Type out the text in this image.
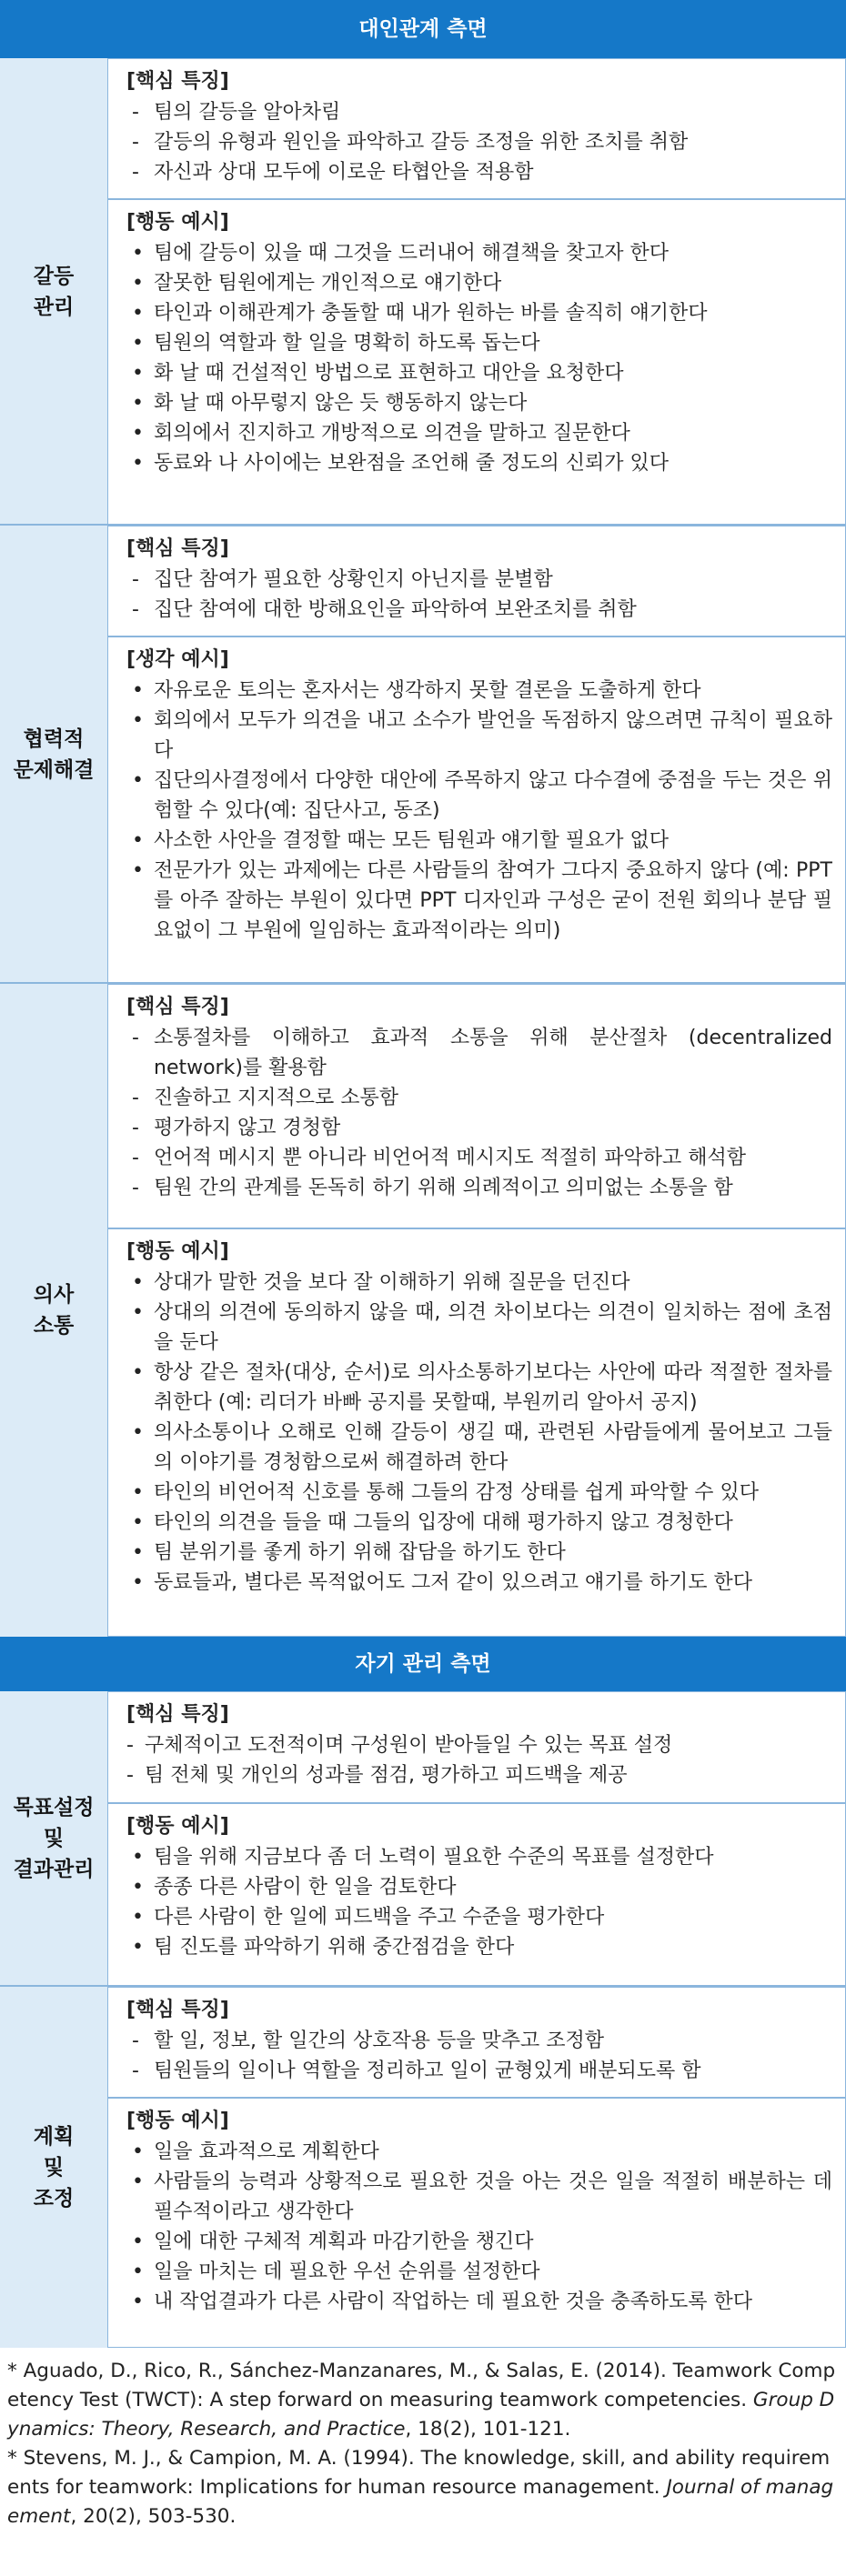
대인관계 측면
갈등
관리
[핵심 특징]
- 팀의 갈등을 알아차림
- 갈등의 유형과 원인을 파악하고 갈등 조정을 위한 조치를 취함
- 자신과 상대 모두에 이로운 타협안을 적용함
[행동 예시]
• 팀에 갈등이 있을 때 그것을 드러내어 해결책을 찾고자 한다
• 잘못한 팀원에게는 개인적으로 얘기한다
• 타인과 이해관계가 충돌할 때 내가 원하는 바를 솔직히 얘기한다
• 팀원의 역할과 할 일을 명확히 하도록 돕는다
• 화 날 때 건설적인 방법으로 표현하고 대안을 요청한다
• 화 날 때 아무렇지 않은 듯 행동하지 않는다
• 회의에서 진지하고 개방적으로 의견을 말하고 질문한다
• 동료와 나 사이에는 보완점을 조언해 줄 정도의 신뢰가 있다
협력적
문제해결
[핵심 특징]
- 집단 참여가 필요한 상황인지 아닌지를 분별함
- 집단 참여에 대한 방해요인을 파악하여 보완조치를 취함
[생각 예시]
• 자유로운 토의는 혼자서는 생각하지 못할 결론을 도출하게 한다
• 회의에서 모두가 의견을 내고 소수가 발언을 독점하지 않으려면 규칙이 필요하다
• 집단의사결정에서 다양한 대안에 주목하지 않고 다수결에 중점을 두는 것은 위험할 수 있다(예: 집단사고, 동조)
• 사소한 사안을 결정할 때는 모든 팀원과 얘기할 필요가 없다
• 전문가가 있는 과제에는 다른 사람들의 참여가 그다지 중요하지 않다 (예: PPT를 아주 잘하는 부원이 있다면 PPT 디자인과 구성은 굳이 전원 회의나 분담 필요없이 그 부원에 일임하는 효과적이라는 의미)
의사
소통
[핵심 특징]
- 소통절차를 이해하고 효과적 소통을 위해 분산절차 (decentralized network)를 활용함
- 진솔하고 지지적으로 소통함
- 평가하지 않고 경청함
- 언어적 메시지 뿐 아니라 비언어적 메시지도 적절히 파악하고 해석함
- 팀원 간의 관계를 돈독히 하기 위해 의례적이고 의미없는 소통을 함
[행동 예시]
• 상대가 말한 것을 보다 잘 이해하기 위해 질문을 던진다
• 상대의 의견에 동의하지 않을 때, 의견 차이보다는 의견이 일치하는 점에 초점을 둔다
• 항상 같은 절차(대상, 순서)로 의사소통하기보다는 사안에 따라 적절한 절차를 취한다 (예: 리더가 바빠 공지를 못할때, 부원끼리 알아서 공지)
• 의사소통이나 오해로 인해 갈등이 생길 때, 관련된 사람들에게 물어보고 그들의 이야기를 경청함으로써 해결하려 한다
• 타인의 비언어적 신호를 통해 그들의 감정 상태를 쉽게 파악할 수 있다
• 타인의 의견을 들을 때 그들의 입장에 대해 평가하지 않고 경청한다
• 팀 분위기를 좋게 하기 위해 잡담을 하기도 한다
• 동료들과, 별다른 목적없어도 그저 같이 있으려고 얘기를 하기도 한다
자기 관리 측면
목표설정
및
결과관리
[핵심 특징]
- 구체적이고 도전적이며 구성원이 받아들일 수 있는 목표 설정
- 팀 전체 및 개인의 성과를 점검, 평가하고 피드백을 제공
[행동 예시]
• 팀을 위해 지금보다 좀 더 노력이 필요한 수준의 목표를 설정한다
• 종종 다른 사람이 한 일을 검토한다
• 다른 사람이 한 일에 피드백을 주고 수준을 평가한다
• 팀 진도를 파악하기 위해 중간점검을 한다
계획
및
조정
[핵심 특징]
- 할 일, 정보, 할 일간의 상호작용 등을 맞추고 조정함
- 팀원들의 일이나 역할을 정리하고 일이 균형있게 배분되도록 함
[행동 예시]
• 일을 효과적으로 계획한다
• 사람들의 능력과 상황적으로 필요한 것을 아는 것은 일을 적절히 배분하는 데 필수적이라고 생각한다
• 일에 대한 구체적 계획과 마감기한을 챙긴다
• 일을 마치는 데 필요한 우선 순위를 설정한다
• 내 작업결과가 다른 사람이 작업하는 데 필요한 것을 충족하도록 한다

* Aguado, D., Rico, R., Sánchez-Manzanares, M., & Salas, E. (2014). Teamwork Competency Test (TWCT): A step forward on measuring teamwork competencies. Group Dynamics: Theory, Research, and Practice, 18(2), 101-121.

* Stevens, M. J., & Campion, M. A. (1994). The knowledge, skill, and ability requirements for teamwork: Implications for human resource management. Journal of management, 20(2), 503-530.
